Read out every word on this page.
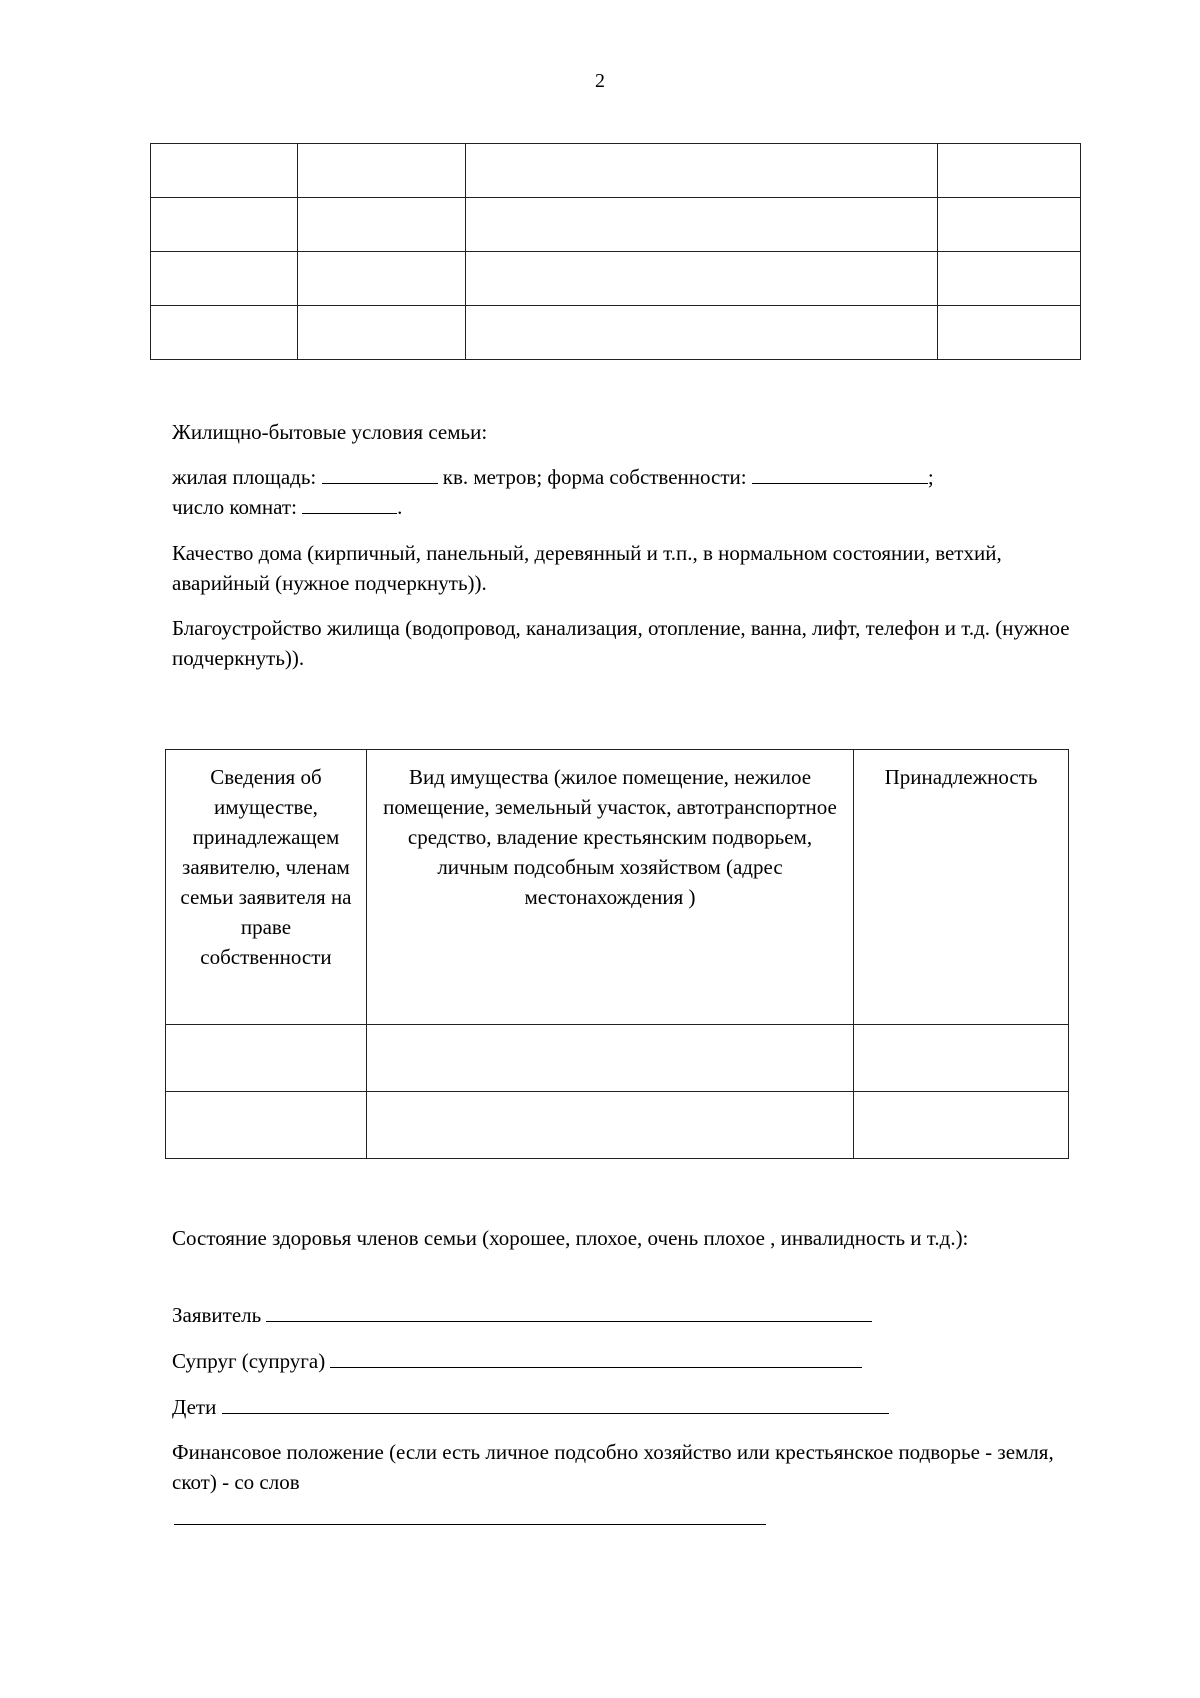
2

Жилищно-бытовые условия семьи:

жилая площадь:	кв. метров; форма собственности:	;
число комнат:	.

Качество дома (кирпичный, панельный, деревянный и т.п., в нормальном состоянии, ветхий, аварийный (нужное подчеркнуть)).

Благоустройство жилища (водопровод, канализация, отопление, ванна, лифт, телефон и т.д. (нужное подчеркнуть)).

Сведения об имуществе, принадлежащем заявителю, членам семьи заявителя на праве собственности	Вид имущества (жилое помещение, нежилое помещение, земельный участок, автотранспортное средство, владение крестьянским подворьем, личным подсобным хозяйством (адрес местонахождения )	Принадлежность

Состояние здоровья членов семьи (хорошее, плохое, очень плохое , инвалидность и т.д.):

Заявитель
Супруг (супруга)
Дети

Финансовое положение (если есть личное подсобно хозяйство или крестьянское подворье - земля, скот) - со слов
